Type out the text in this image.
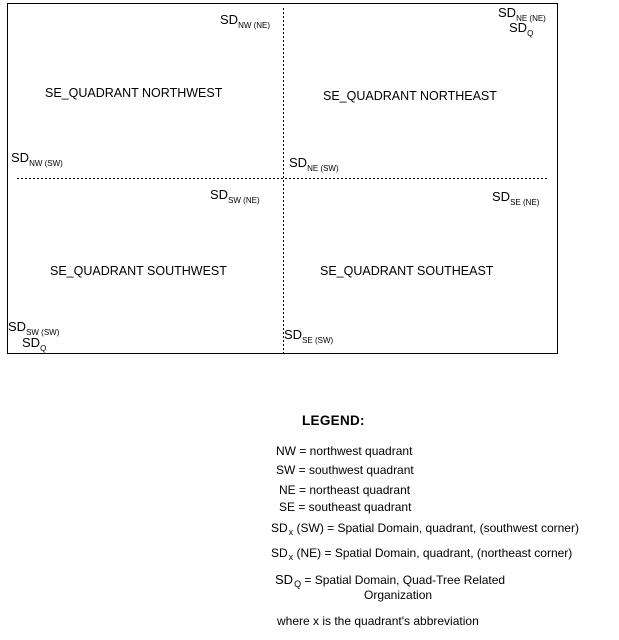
SE_QUADRANT NORTHWEST	SE_QUADRANT NORTHEAST
SE_QUADRANT SOUTHWEST	SE_QUADRANT SOUTHEAST
$SD_{NW (NE)}$
$SD_{NW (SW)}$
$SD_{NE (NE)}$
$SD_Q$
$SD_{NE (SW)}$
$SD_{SW (NE)}$
$SD_{SW (SW)}$
$SD_Q$
$SD_{SE (NE)}$
$SD_{SE (SW)}$
LEGEND:
NW = northwest quadrant
SW = southwest quadrant
NE = northeast quadrant
SE = southeast quadrant
$SD_x$ (SW) = Spatial Domain, quadrant, (southwest corner)
$SD_x$ (NE) = Spatial Domain, quadrant, (northeast corner)
$SD_Q$ = Spatial Domain, Quad-Tree Related
Organization
where x is the quadrant's abbreviation
